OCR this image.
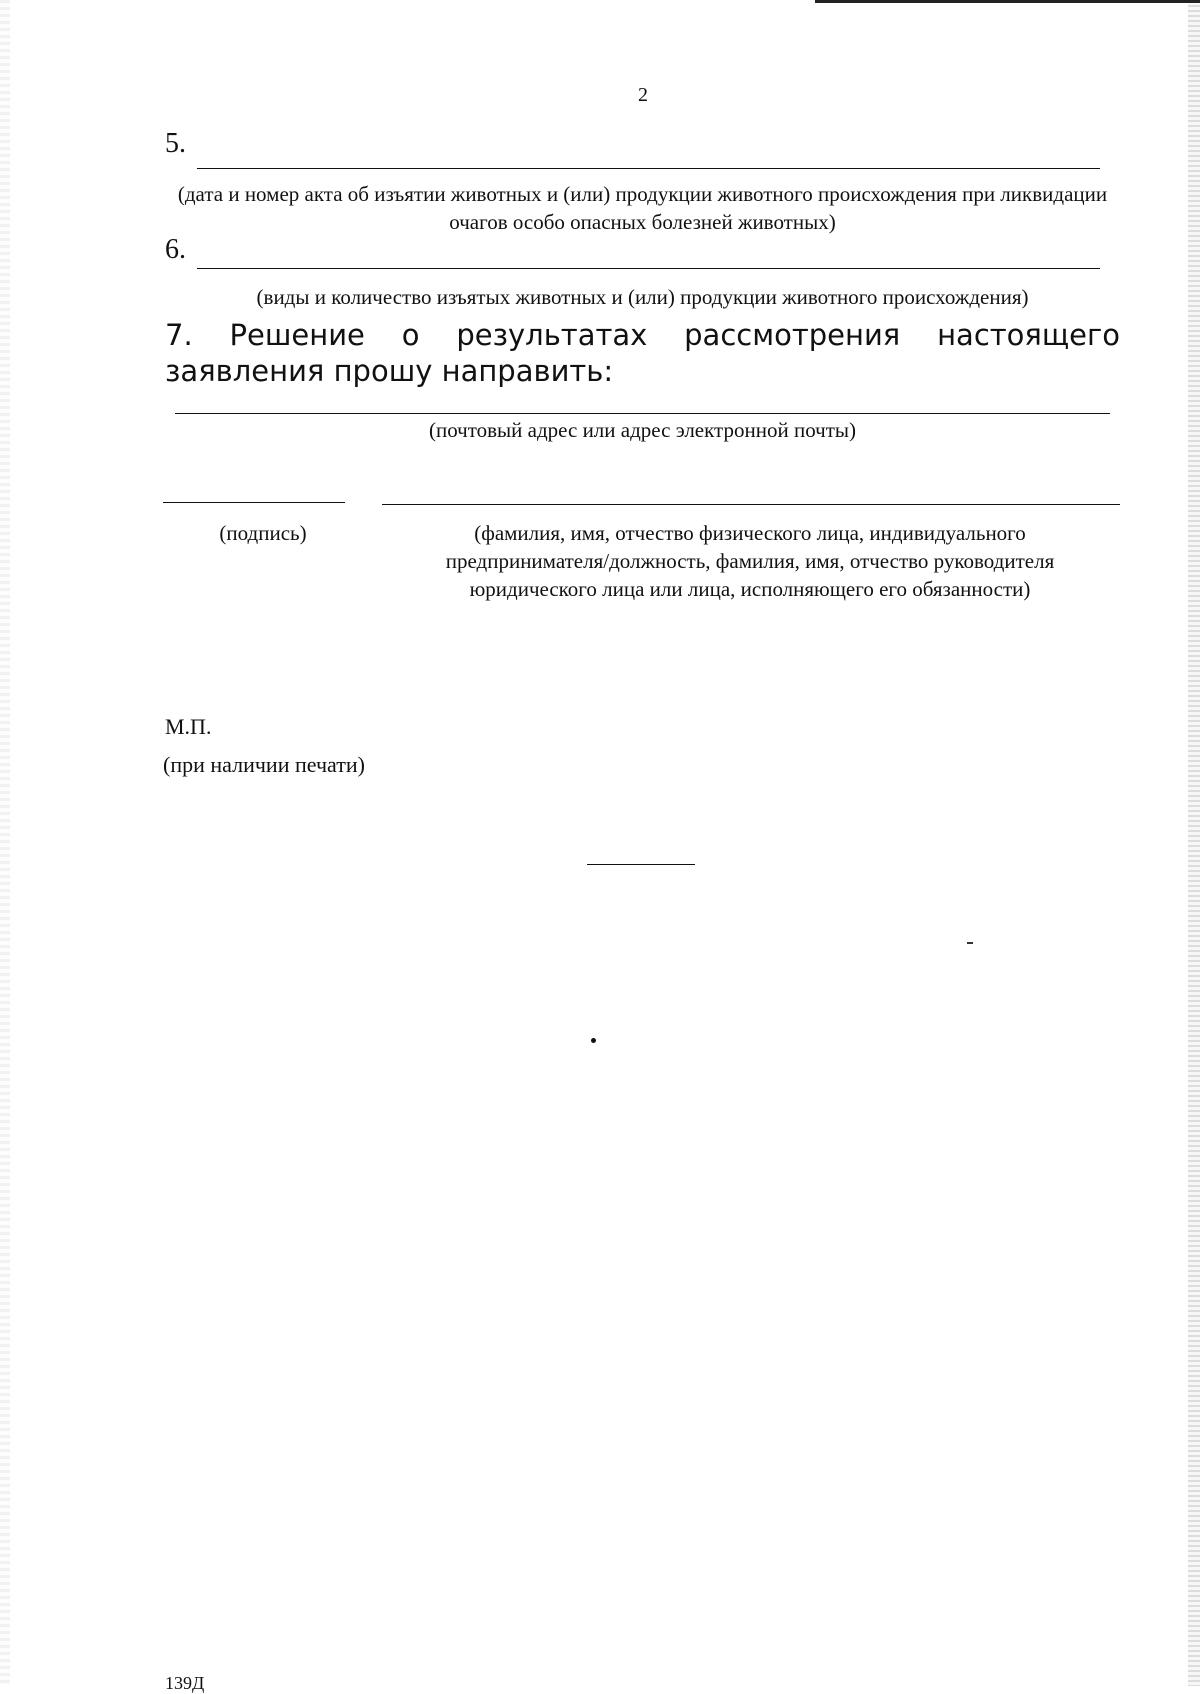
2
5.
(дата и номер акта об изъятии животных и (или) продукции животного происхождения при ликвидации очагов особо опасных болезней животных)
6.
(виды и количество изъятых животных и (или) продукции животного происхождения)
7. Решение о результатах рассмотрения настоящего заявления прошу направить:
(почтовый адрес или адрес электронной почты)
(подпись)	(фамилия, имя, отчество физического лица, индивидуального предпринимателя/должность, фамилия, имя, отчество руководителя юридического лица или лица, исполняющего его обязанности)
М.П.
(при наличии печати)
139Д
